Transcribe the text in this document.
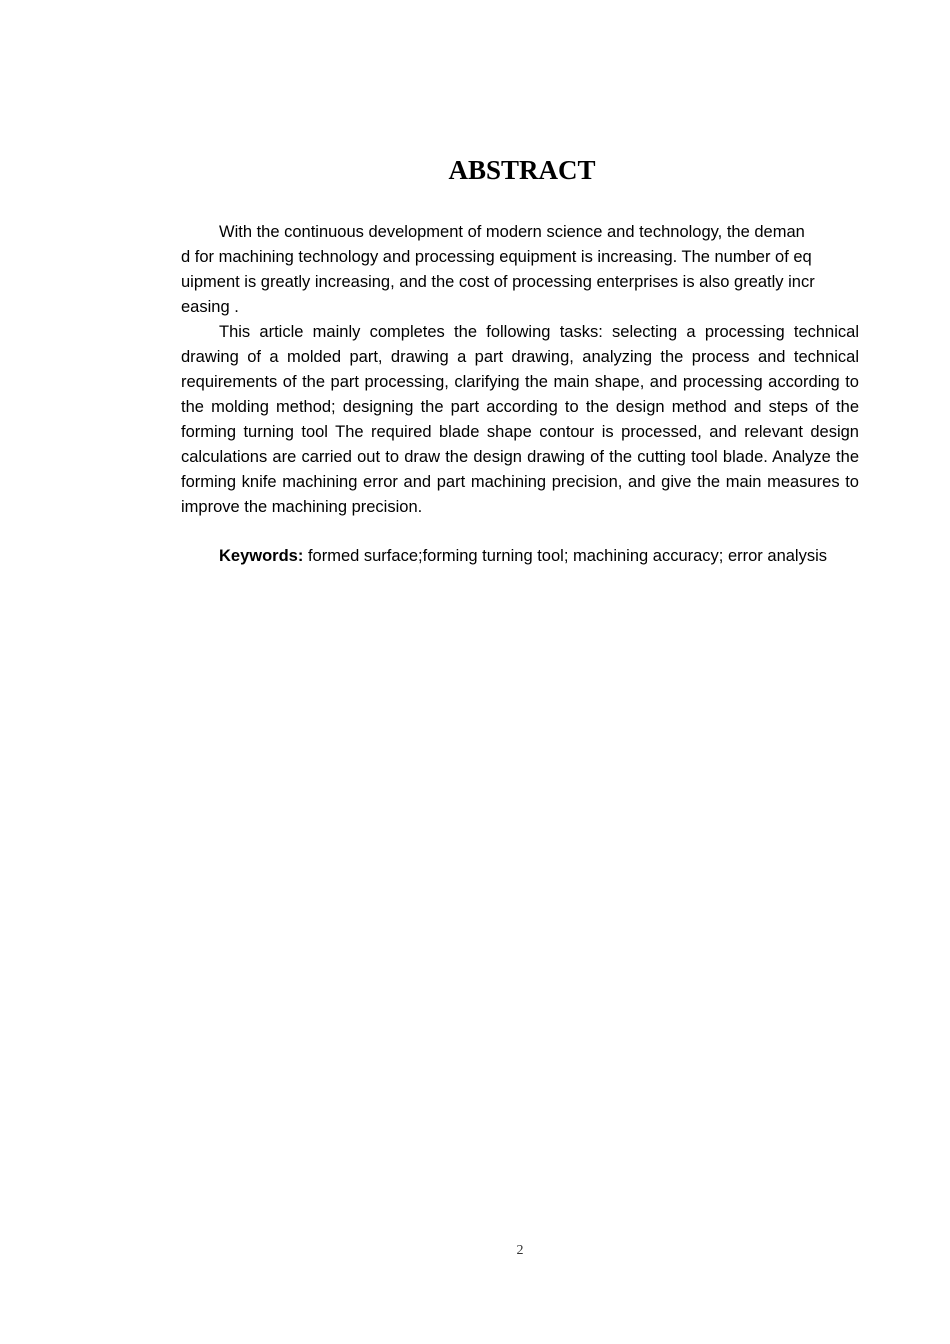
ABSTRACT
With the continuous development of modern science and technology, the deman
d for machining technology and processing equipment is increasing. The number of eq
uipment is greatly increasing, and the cost of processing enterprises is also greatly incr
easing .
This article mainly completes the following tasks: selecting a processing technical drawing of a molded part, drawing a part drawing, analyzing the process and technical requirements of the part processing, clarifying the main shape, and processing according to the molding method; designing the part according to the design method and steps of the forming turning tool The required blade shape contour is processed, and relevant design calculations are carried out to draw the design drawing of the cutting tool blade. Analyze the forming knife machining error and part machining precision, and give the main measures to improve the machining precision.
Keywords: formed surface;forming turning tool; machining accuracy; error analysis
2
